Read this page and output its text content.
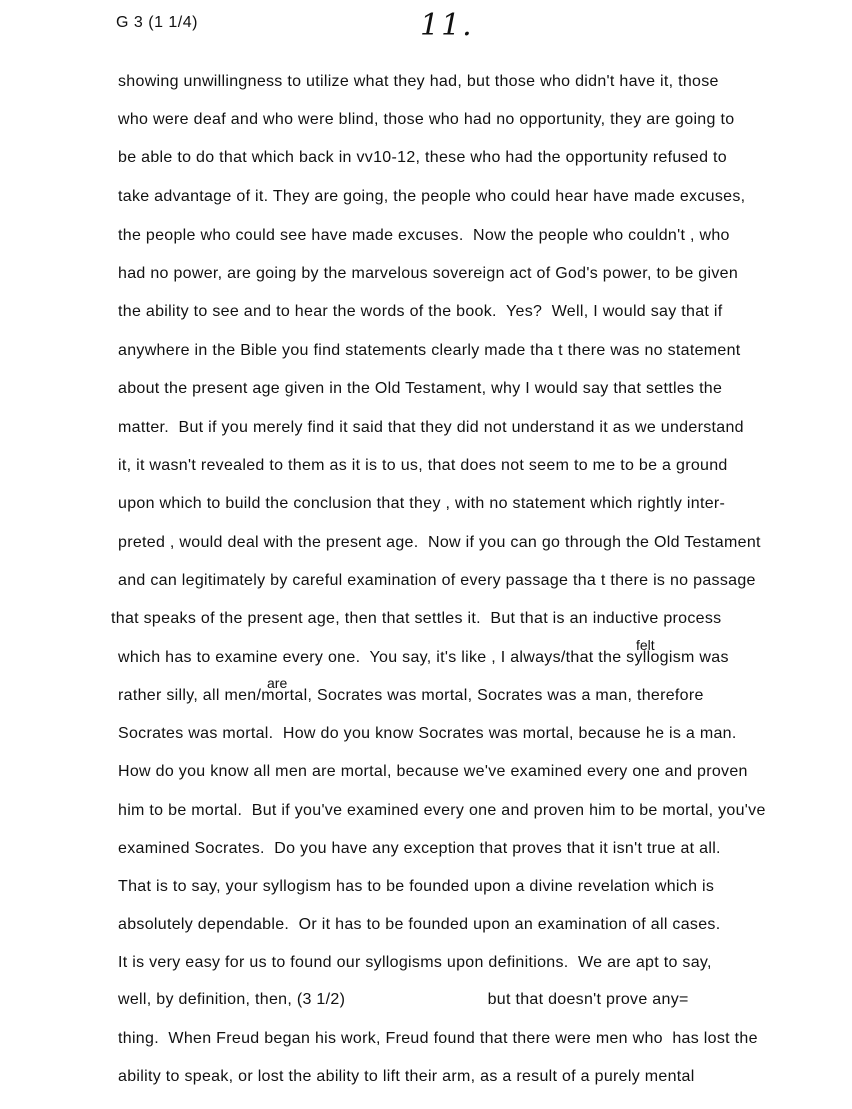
G 3 (1 1/4)	11.
showing unwillingness to utilize what they had, but those who didn't have it, those
who were deaf and who were blind, those who had no opportunity, they are going to
be able to do that which back in vv10-12, these who had the opportunity refused to
take advantage of it. They are going, the people who could hear have made excuses,
the people who could see have made excuses.  Now the people who couldn't , who
had no power, are going by the marvelous sovereign act of God's power, to be given
the ability to see and to hear the words of the book.  Yes?  Well, I would say that if
anywhere in the Bible you find statements clearly made tha t there was no statement
about the present age given in the Old Testament, why I would say that settles the
matter.  But if you merely find it said that they did not understand it as we understand
it, it wasn't revealed to them as it is to us, that does not seem to me to be a ground
upon which to build the conclusion that they , with no statement which rightly inter-
preted , would deal with the present age.  Now if you can go through the Old Testament
and can legitimately by careful examination of every passage tha t there is no passage
that speaks of the present age, then that settles it.  But that is an inductive process
felt
which has to examine every one.  You say, it's like , I always/that the syllogism was
are
rather silly, all men/mortal, Socrates was mortal, Socrates was a man, therefore
Socrates was mortal.  How do you know Socrates was mortal, because he is a man.
How do you know all men are mortal, because we've examined every one and proven
him to be mortal.  But if you've examined every one and proven him to be mortal, you've
examined Socrates.  Do you have any exception that proves that it isn't true at all.
That is to say, your syllogism has to be founded upon a divine revelation which is
absolutely dependable.  Or it has to be founded upon an examination of all cases.
It is very easy for us to found our syllogisms upon definitions.  We are apt to say,
well, by definition, then, (3 1/2)                              but that doesn't prove any=
thing.  When Freud began his work, Freud found that there were men who  has lost the
ability to speak, or lost the ability to lift their arm, as a result of a purely mental
